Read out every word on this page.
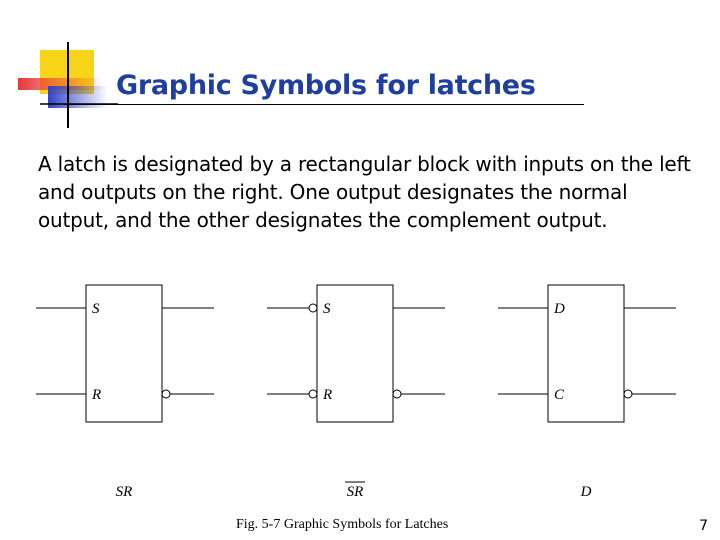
Graphic Symbols for latches
A latch is designated by a rectangular block with inputs on the left and outputs on the right. One output designates the normal output, and the other designates the complement output.
S
R
SR
S
R
SR
D
C
D
Fig. 5-7 Graphic Symbols for Latches	7
